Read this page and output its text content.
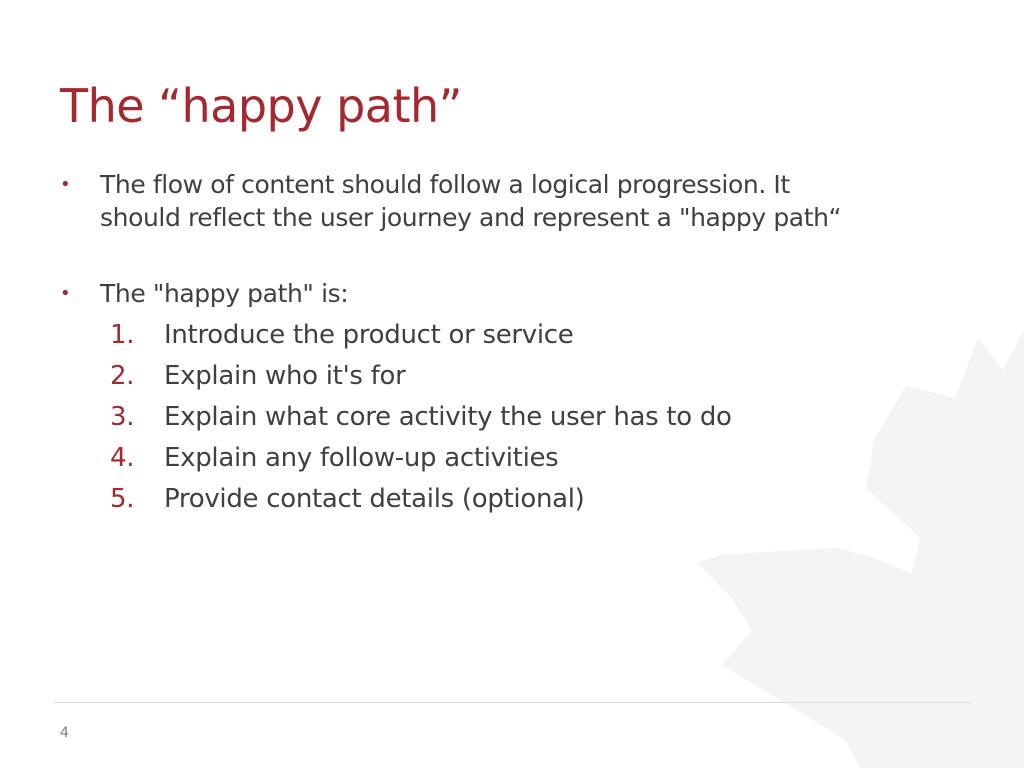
The “happy path”
• The flow of content should follow a logical progression. It
should reflect the user journey and represent a "happy path“
• The "happy path" is:
1. Introduce the product or service
2. Explain who it's for
3. Explain what core activity the user has to do
4. Explain any follow-up activities
5. Provide contact details (optional)
4
